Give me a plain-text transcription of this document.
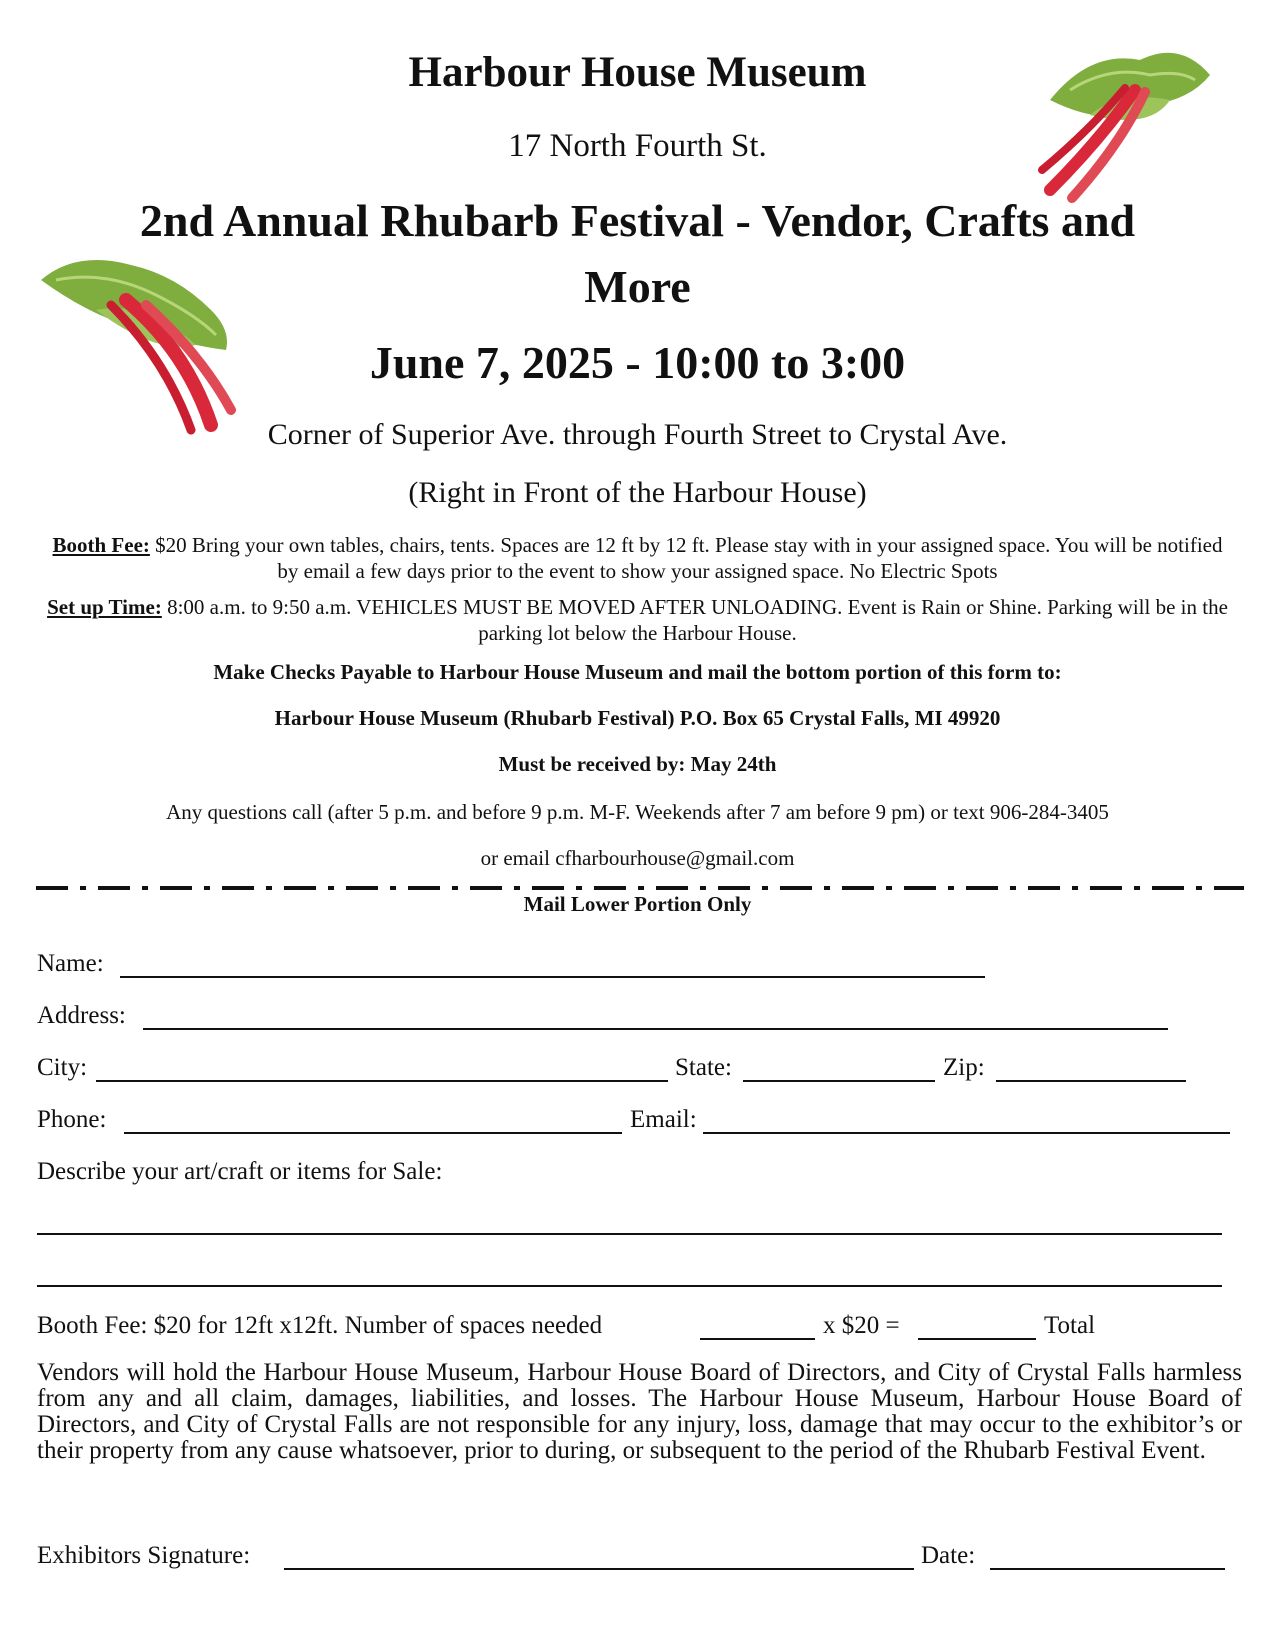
Harbour House Museum
17 North Fourth St.
2nd Annual Rhubarb Festival - Vendor, Crafts and
More
June 7, 2025 - 10:00 to 3:00
Corner of Superior Ave. through Fourth Street to Crystal Ave.
(Right in Front of the Harbour House)
Booth Fee: $20 Bring your own tables, chairs, tents. Spaces are 12 ft by 12 ft. Please stay with in your assigned space. You will be notified by email a few days prior to the event to show your assigned space. No Electric Spots
Set up Time: 8:00 a.m. to 9:50 a.m. VEHICLES MUST BE MOVED AFTER UNLOADING. Event is Rain or Shine. Parking will be in the parking lot below the Harbour House.
Make Checks Payable to Harbour House Museum and mail the bottom portion of this form to:
Harbour House Museum (Rhubarb Festival) P.O. Box 65 Crystal Falls, MI 49920
Must be received by: May 24th
Any questions call (after 5 p.m. and before 9 p.m. M-F. Weekends after 7 am before 9 pm) or text 906-284-3405
or email cfharbourhouse@gmail.com
Mail Lower Portion Only
Name:
Address:
City:	State:	Zip:
Phone:	Email:
Describe your art/craft or items for Sale:
Booth Fee: $20 for 12ft x12ft. Number of spaces needed	x $20 =	Total
Vendors will hold the Harbour House Museum, Harbour House Board of Directors, and City of Crystal Falls harmless from any and all claim, damages, liabilities, and losses. The Harbour House Museum, Harbour House Board of Directors, and City of Crystal Falls are not responsible for any injury, loss, damage that may occur to the exhibitor’s or their property from any cause whatsoever, prior to during, or subsequent to the period of the Rhubarb Festival Event.
Exhibitors Signature:	Date:
